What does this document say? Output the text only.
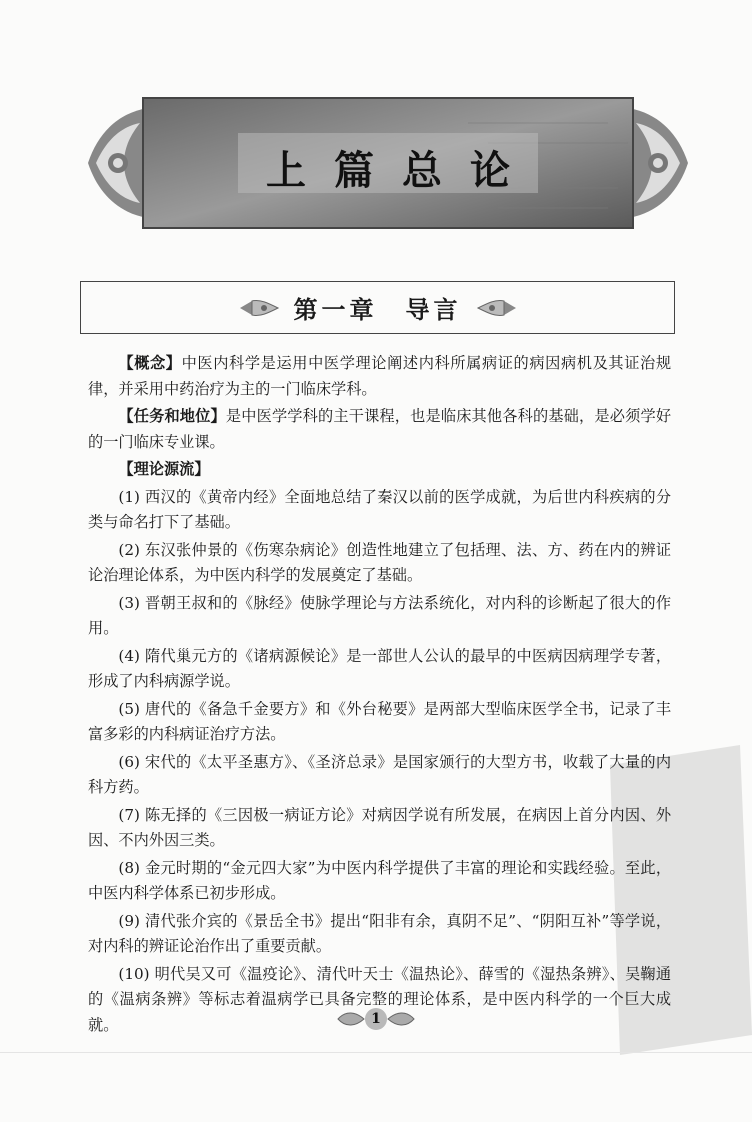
上篇总论
第一章　导言

【概念】中医内科学是运用中医学理论阐述内科所属病证的病因病机及其证治规律，并采用中药治疗为主的一门临床学科。

【任务和地位】是中医学学科的主干课程，也是临床其他各科的基础，是必须学好的一门临床专业课。

【理论源流】

(1) 西汉的《黄帝内经》全面地总结了秦汉以前的医学成就，为后世内科疾病的分类与命名打下了基础。

(2) 东汉张仲景的《伤寒杂病论》创造性地建立了包括理、法、方、药在内的辨证论治理论体系，为中医内科学的发展奠定了基础。

(3) 晋朝王叔和的《脉经》使脉学理论与方法系统化，对内科的诊断起了很大的作用。

(4) 隋代巢元方的《诸病源候论》是一部世人公认的最早的中医病因病理学专著，形成了内科病源学说。

(5) 唐代的《备急千金要方》和《外台秘要》是两部大型临床医学全书，记录了丰富多彩的内科病证治疗方法。

(6) 宋代的《太平圣惠方》、《圣济总录》是国家颁行的大型方书，收载了大量的内科方药。

(7) 陈无择的《三因极一病证方论》对病因学说有所发展，在病因上首分内因、外因、不内外因三类。

(8) 金元时期的“金元四大家”为中医内科学提供了丰富的理论和实践经验。至此，中医内科学体系已初步形成。

(9) 清代张介宾的《景岳全书》提出“阳非有余，真阴不足”、“阴阳互补”等学说，对内科的辨证论治作出了重要贡献。

(10) 明代吴又可《温疫论》、清代叶天士《温热论》、薛雪的《湿热条辨》、吴鞠通的《温病条辨》等标志着温病学已具备完整的理论体系，是中医内科学的一个巨大成就。	1
